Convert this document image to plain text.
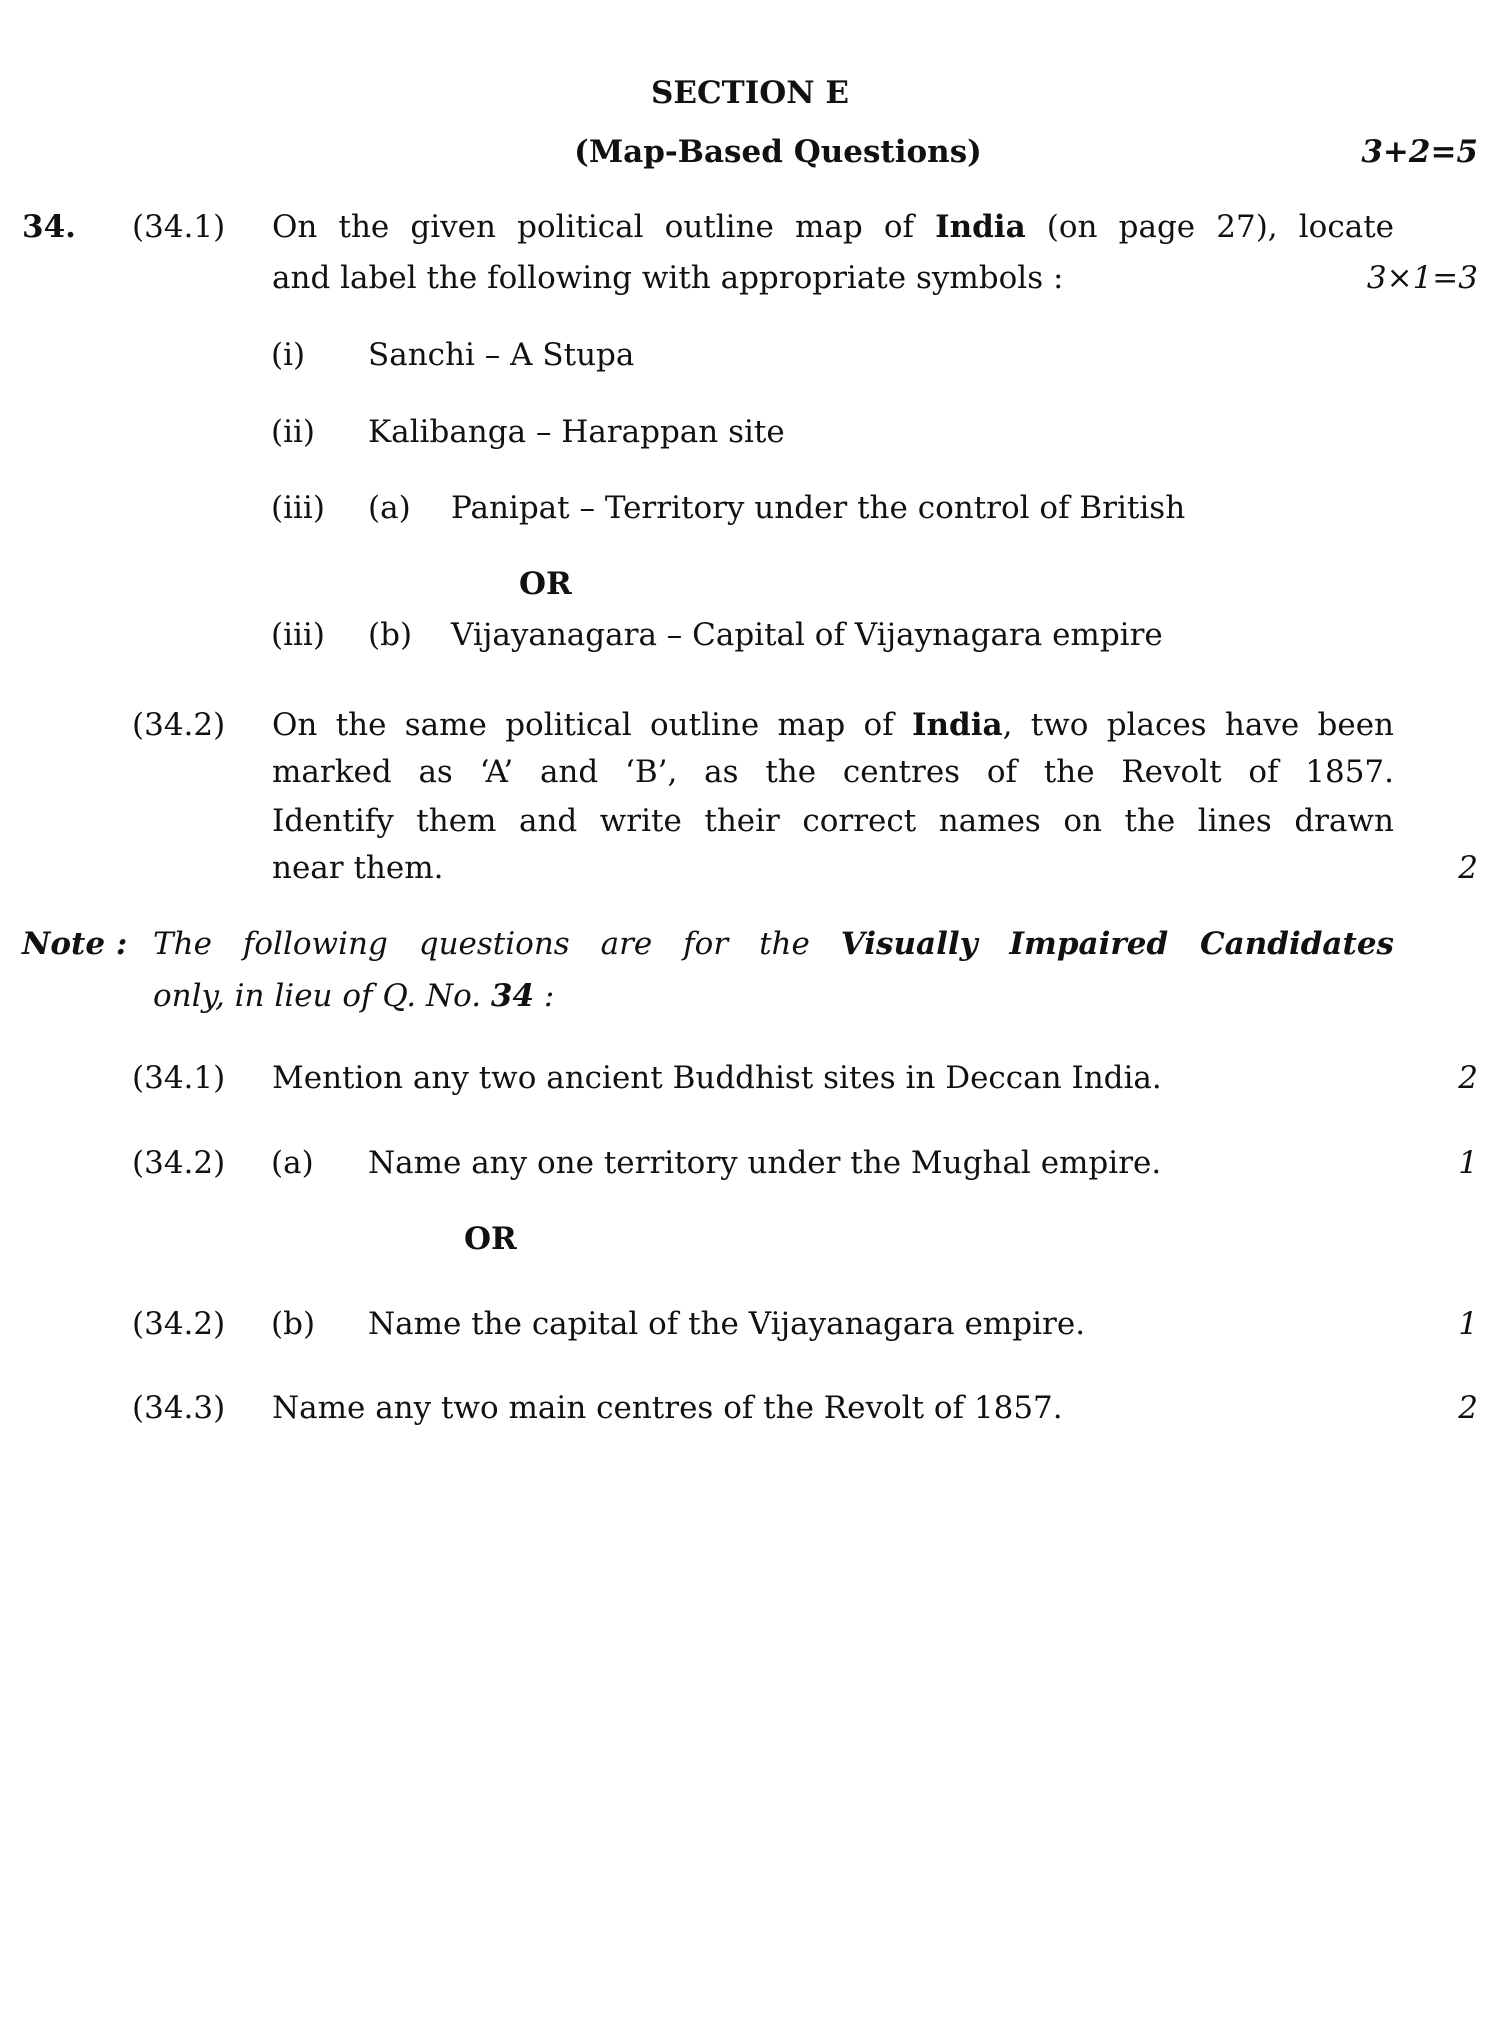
SECTION E
(Map-Based Questions)	3+2=5
34. (34.1) On the given political outline map of India (on page 27), locate
and label the following with appropriate symbols :	3×1=3
(i) Sanchi – A Stupa
(ii) Kalibanga – Harappan site
(iii) (a) Panipat – Territory under the control of British
OR
(iii) (b) Vijayanagara – Capital of Vijaynagara empire
(34.2) On the same political outline map of India, two places have been
marked as ‘A’ and ‘B’, as the centres of the Revolt of 1857.
Identify them and write their correct names on the lines drawn
near them.	2
Note : The following questions are for the Visually Impaired Candidates
only, in lieu of Q. No. 34 :
(34.1) Mention any two ancient Buddhist sites in Deccan India.	2
(34.2) (a) Name any one territory under the Mughal empire.	1
OR
(34.2) (b) Name the capital of the Vijayanagara empire.	1
(34.3) Name any two main centres of the Revolt of 1857.	2
